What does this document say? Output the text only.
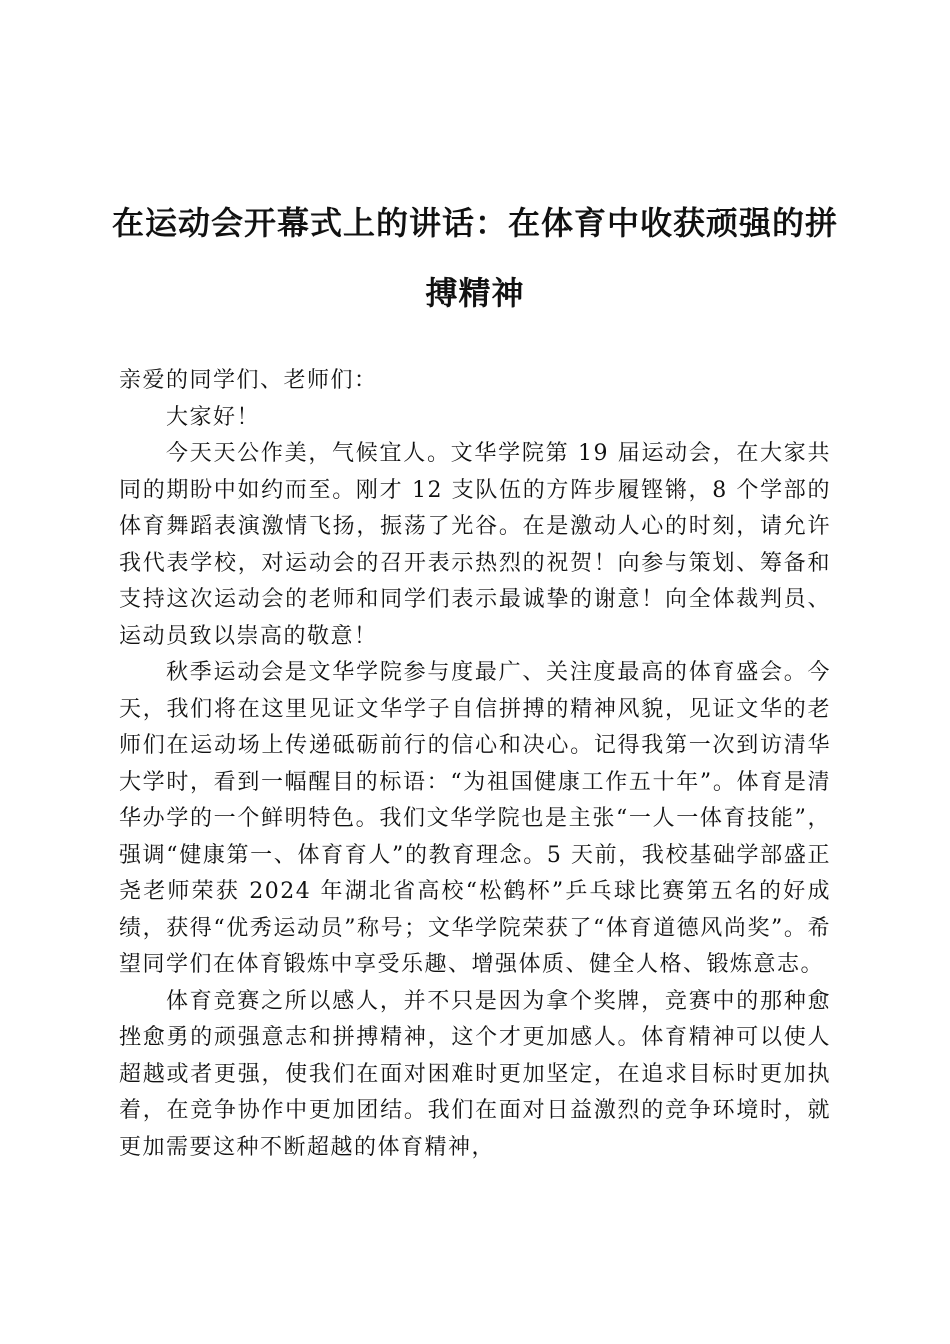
在运动会开幕式上的讲话：在体育中收获顽强的拼搏精神

亲爱的同学们、老师们：

大家好！

今天天公作美，气候宜人。文华学院第 19 届运动会，在大家共同的期盼中如约而至。刚才 12 支队伍的方阵步履铿锵，8 个学部的体育舞蹈表演激情飞扬，振荡了光谷。在是激动人心的时刻，请允许我代表学校，对运动会的召开表示热烈的祝贺！向参与策划、筹备和支持这次运动会的老师和同学们表示最诚挚的谢意！向全体裁判员、运动员致以崇高的敬意！

秋季运动会是文华学院参与度最广、关注度最高的体育盛会。今天，我们将在这里见证文华学子自信拼搏的精神风貌，见证文华的老师们在运动场上传递砥砺前行的信心和决心。记得我第一次到访清华大学时，看到一幅醒目的标语：“为祖国健康工作五十年”。体育是清华办学的一个鲜明特色。我们文华学院也是主张“一人一体育技能”，强调“健康第一、体育育人”的教育理念。5 天前，我校基础学部盛正尧老师荣获 2024 年湖北省高校“松鹤杯”乒乓球比赛第五名的好成绩，获得“优秀运动员”称号；文华学院荣获了“体育道德风尚奖”。希望同学们在体育锻炼中享受乐趣、增强体质、健全人格、锻炼意志。

体育竞赛之所以感人，并不只是因为拿个奖牌，竞赛中的那种愈挫愈勇的顽强意志和拼搏精神，这个才更加感人。体育精神可以使人超越或者更强，使我们在面对困难时更加坚定，在追求目标时更加执着，在竞争协作中更加团结。我们在面对日益激烈的竞争环境时，就更加需要这种不断超越的体育精神，
